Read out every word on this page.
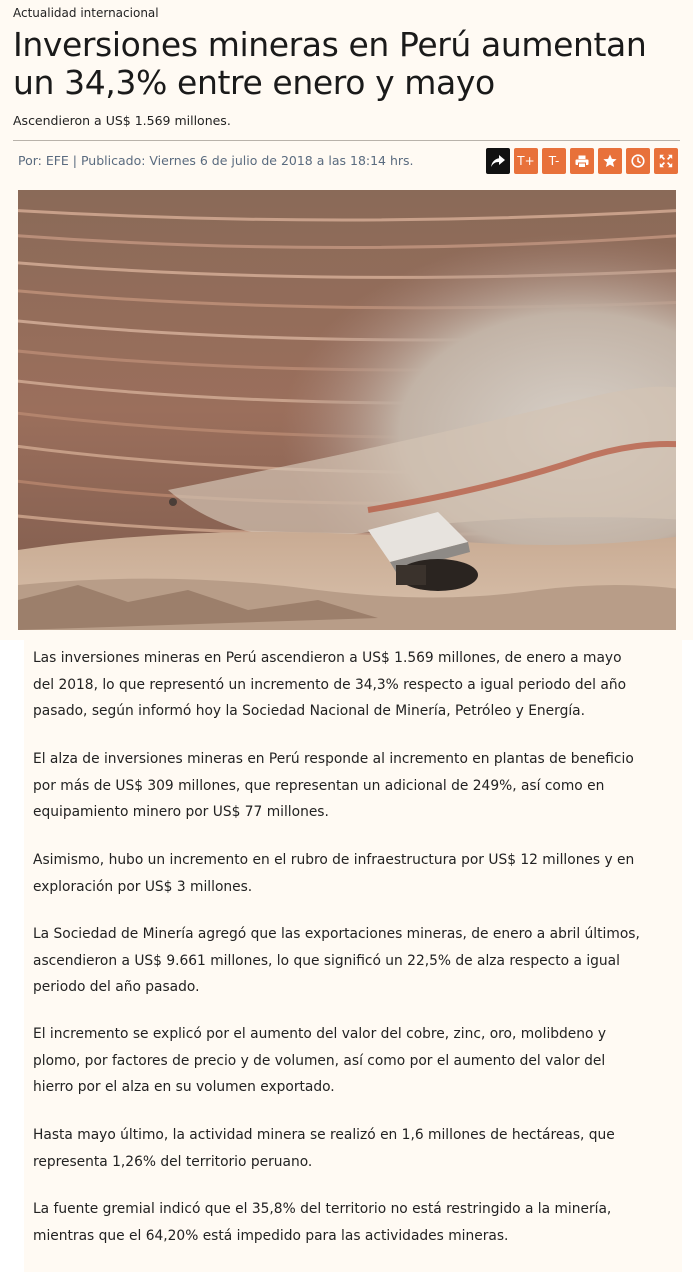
Actualidad internacional
Inversiones mineras en Perú aumentan un 34,3% entre enero y mayo
Ascendieron a US$ 1.569 millones.
Por: EFE | Publicado: Viernes 6 de julio de 2018 a las 18:14 hrs.	T+	T-

Las inversiones mineras en Perú ascendieron a US$ 1.569 millones, de enero a mayo del 2018, lo que representó un incremento de 34,3% respecto a igual periodo del año pasado, según informó hoy la Sociedad Nacional de Minería, Petróleo y Energía.

El alza de inversiones mineras en Perú responde al incremento en plantas de beneficio por más de US$ 309 millones, que representan un adicional de 249%, así como en equipamiento minero por US$ 77 millones.

Asimismo, hubo un incremento en el rubro de infraestructura por US$ 12 millones y en exploración por US$ 3 millones.

La Sociedad de Minería agregó que las exportaciones mineras, de enero a abril últimos, ascendieron a US$ 9.661 millones, lo que significó un 22,5% de alza respecto a igual periodo del año pasado.

El incremento se explicó por el aumento del valor del cobre, zinc, oro, molibdeno y plomo, por factores de precio y de volumen, así como por el aumento del valor del hierro por el alza en su volumen exportado.

Hasta mayo último, la actividad minera se realizó en 1,6 millones de hectáreas, que representa 1,26% del territorio peruano.

La fuente gremial indicó que el 35,8% del territorio no está restringido a la minería, mientras que el 64,20% está impedido para las actividades mineras.
